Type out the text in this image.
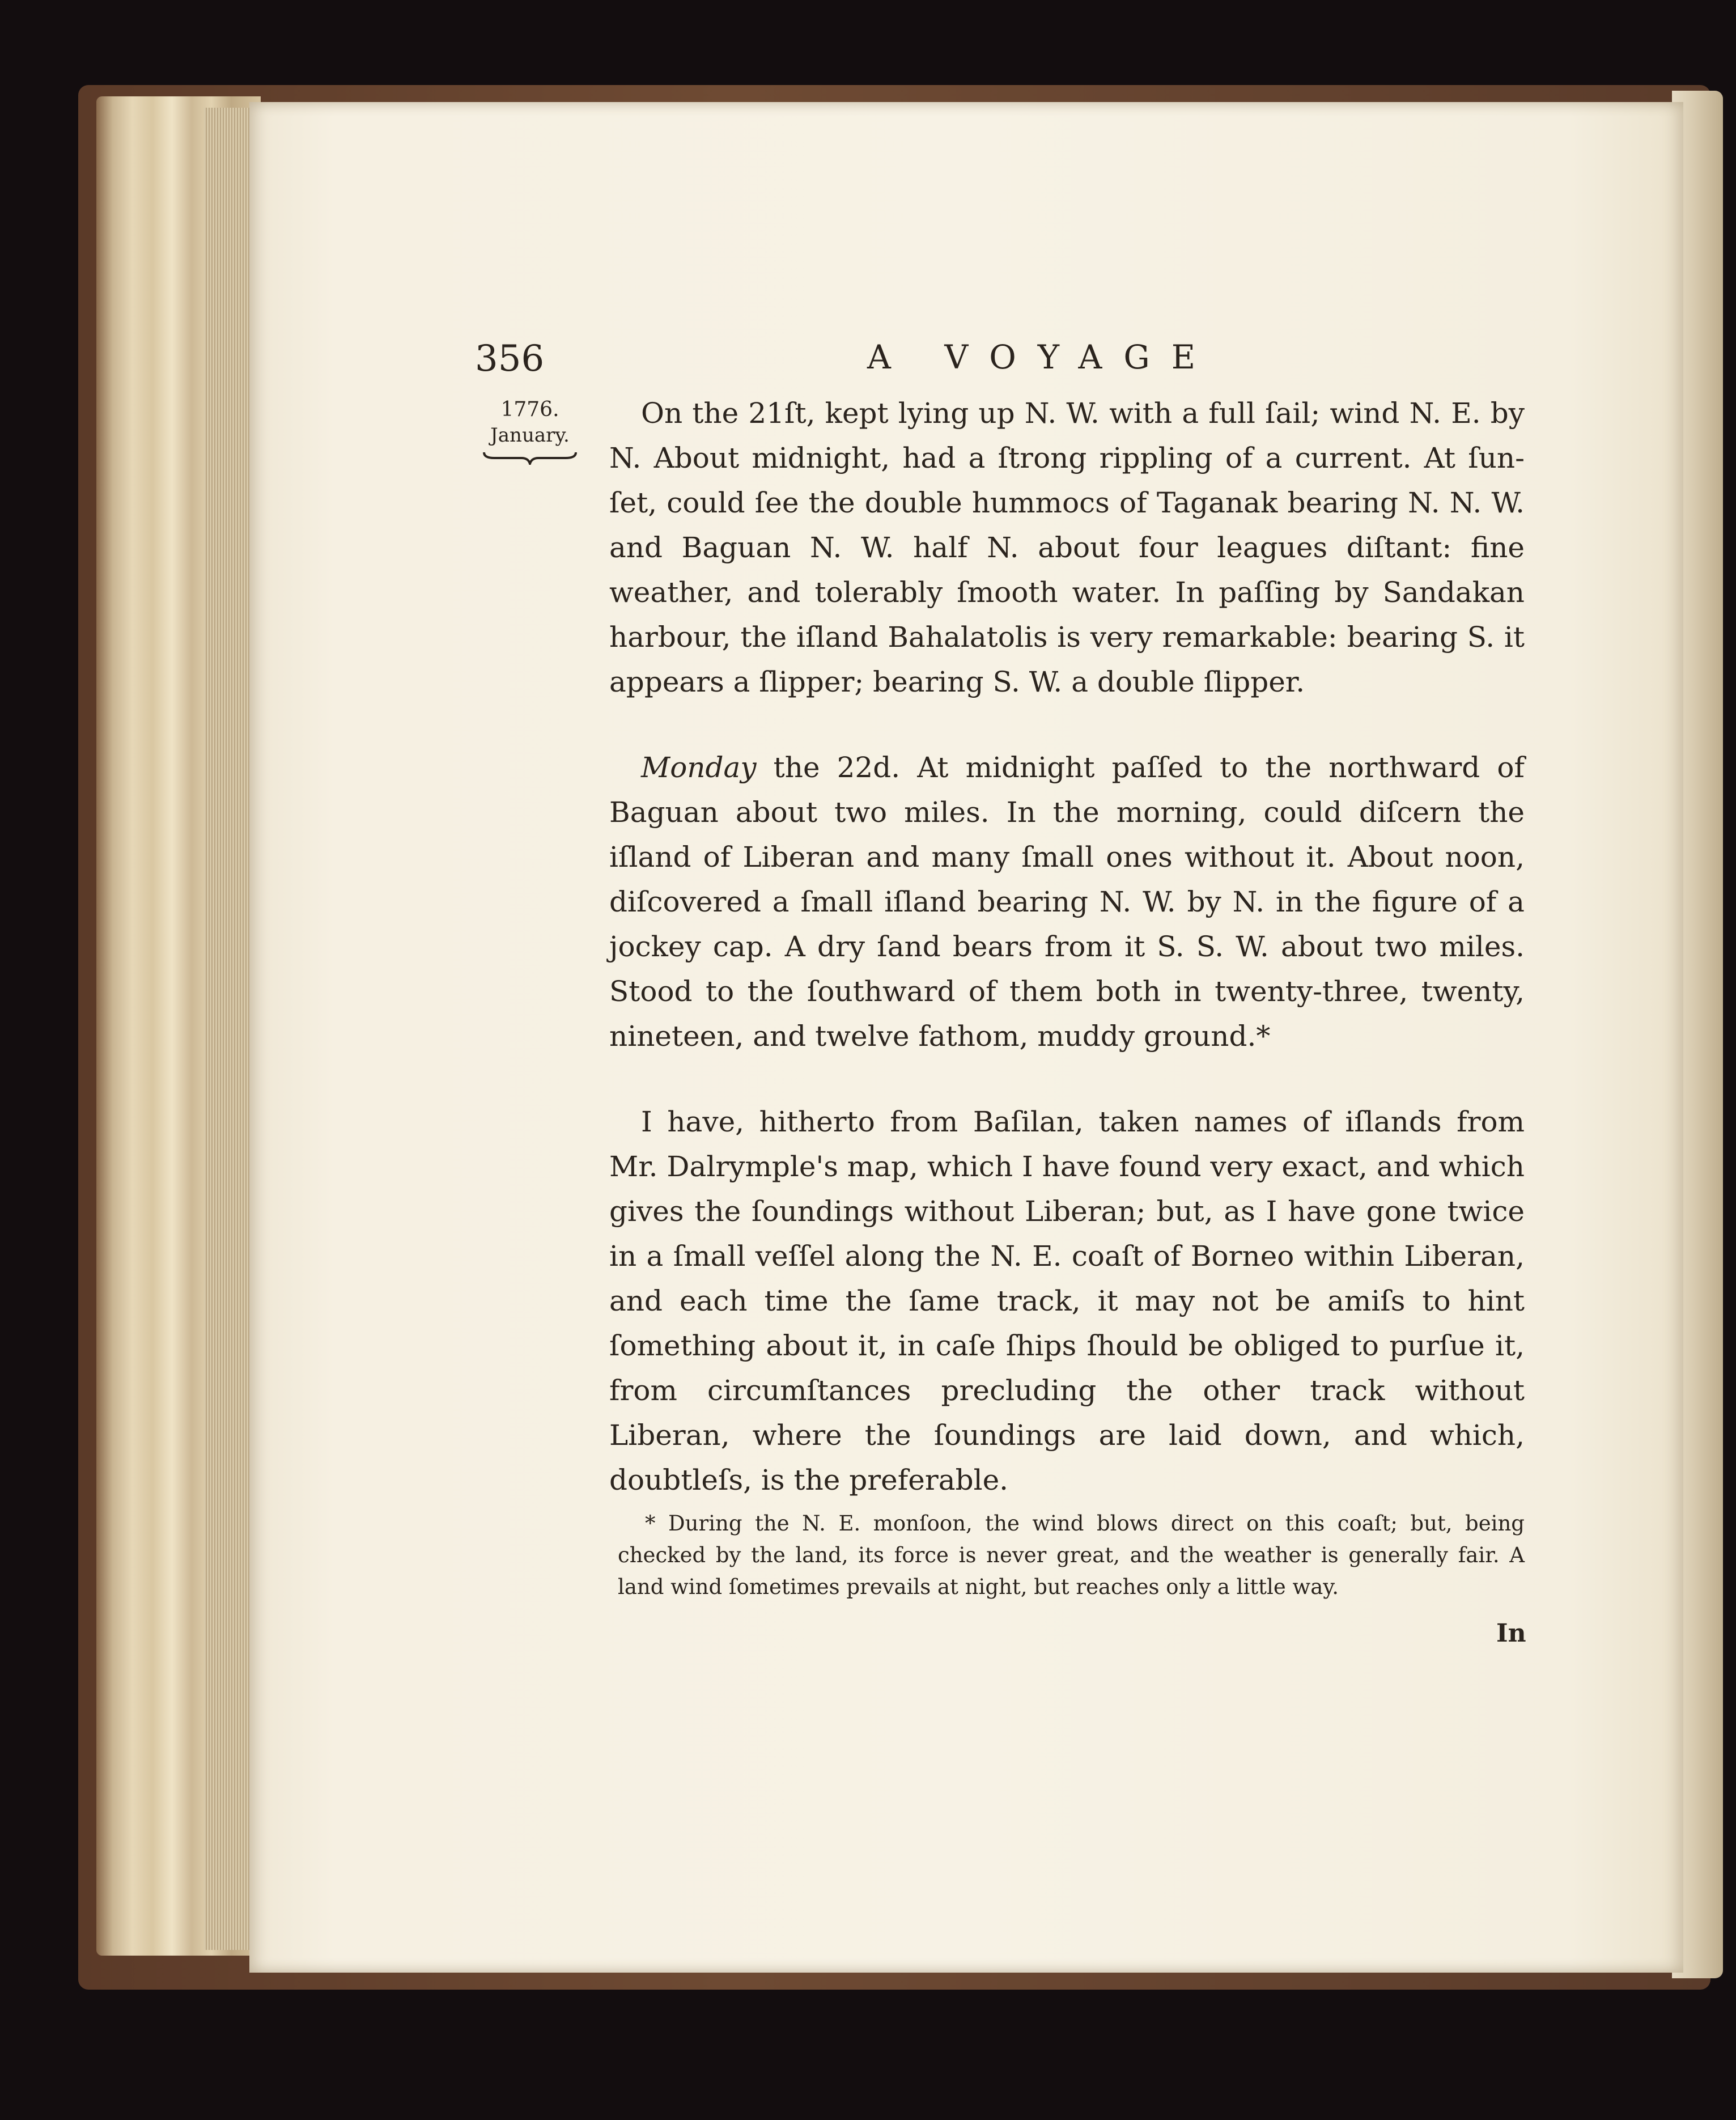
356	A VOYAGE
1776.
January.

On the 21ſt, kept lying up N. W. with a full ſail; wind N. E. by N. About midnight, had a ſtrong rippling of a current. At ſun-ſet, could ſee the double hummocs of Taganak bearing N. N. W. and Baguan N. W. half N. about four leagues diſtant: fine weather, and tolerably ſmooth water. In paſſing by Sandakan harbour, the iſland Bahalatolis is very remarkable: bearing S. it appears a ſlipper; bearing S. W. a double ſlipper.

Monday the 22d. At midnight paſſed to the northward of Baguan about two miles. In the morning, could diſcern the iſland of Liberan and many ſmall ones without it. About noon, diſcovered a ſmall iſland bearing N. W. by N. in the figure of a jockey cap. A dry ſand bears from it S. S. W. about two miles. Stood to the ſouthward of them both in twenty-three, twenty, nineteen, and twelve fathom, muddy ground.*

I have, hitherto from Baſilan, taken names of iſlands from Mr. Dalrymple's map, which I have found very exact, and which gives the ſoundings without Liberan; but, as I have gone twice in a ſmall veſſel along the N. E. coaſt of Borneo within Liberan, and each time the ſame track, it may not be amiſs to hint ſomething about it, in caſe ſhips ſhould be obliged to purſue it, from circumſtances precluding the other track without Liberan, where the ſoundings are laid down, and which, doubtleſs, is the preferable.

* During the N. E. monſoon, the wind blows direct on this coaſt; but, being checked by the land, its force is never great, and the weather is generally fair. A land wind ſometimes prevails at night, but reaches only a little way.

In
